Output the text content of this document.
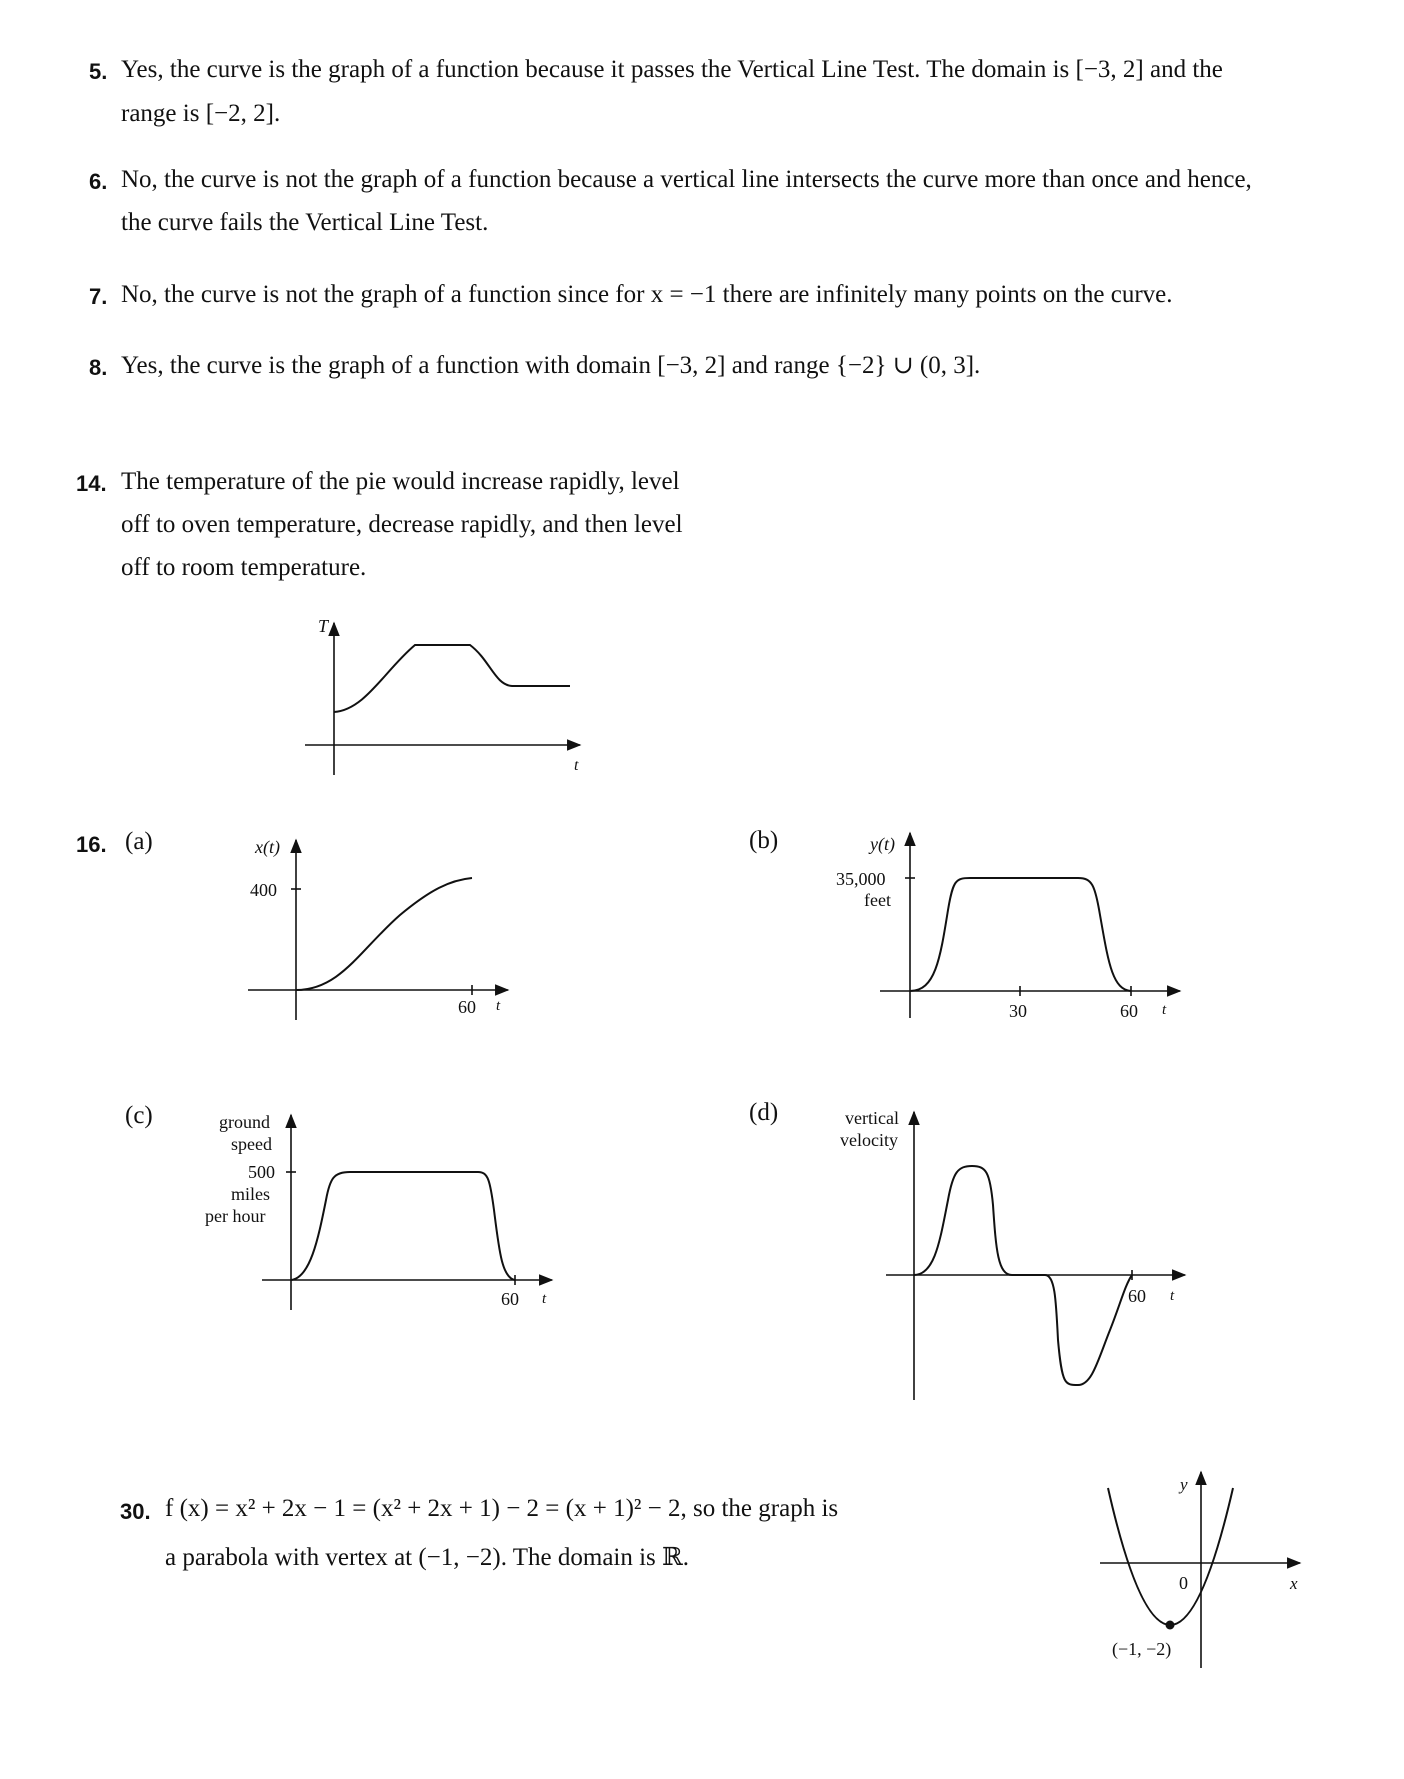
5. Yes, the curve is the graph of a function because it passes the Vertical Line Test. The domain is [−3, 2] and the
range is [−2, 2].
6. No, the curve is not the graph of a function because a vertical line intersects the curve more than once and hence,
the curve fails the Vertical Line Test.
7. No, the curve is not the graph of a function since for x = −1 there are infinitely many points on the curve.
8. Yes, the curve is the graph of a function with domain [−3, 2] and range {−2} ∪ (0, 3].
14. The temperature of the pie would increase rapidly, level
off to oven temperature, decrease rapidly, and then level
off to room temperature.
16. (a)	(b)
(c)	(d)
30. f (x) = x² + 2x − 1 = (x² + 2x + 1) − 2 = (x + 1)² − 2, so the graph is
a parabola with vertex at (−1, −2). The domain is ℝ.
T
t
x(t)
400
60 t
y(t)
35,000
feet
30	60 t
ground
speed
500
miles
per hour
60 t
vertical
velocity
60 t
y
x
0
(−1, −2)
